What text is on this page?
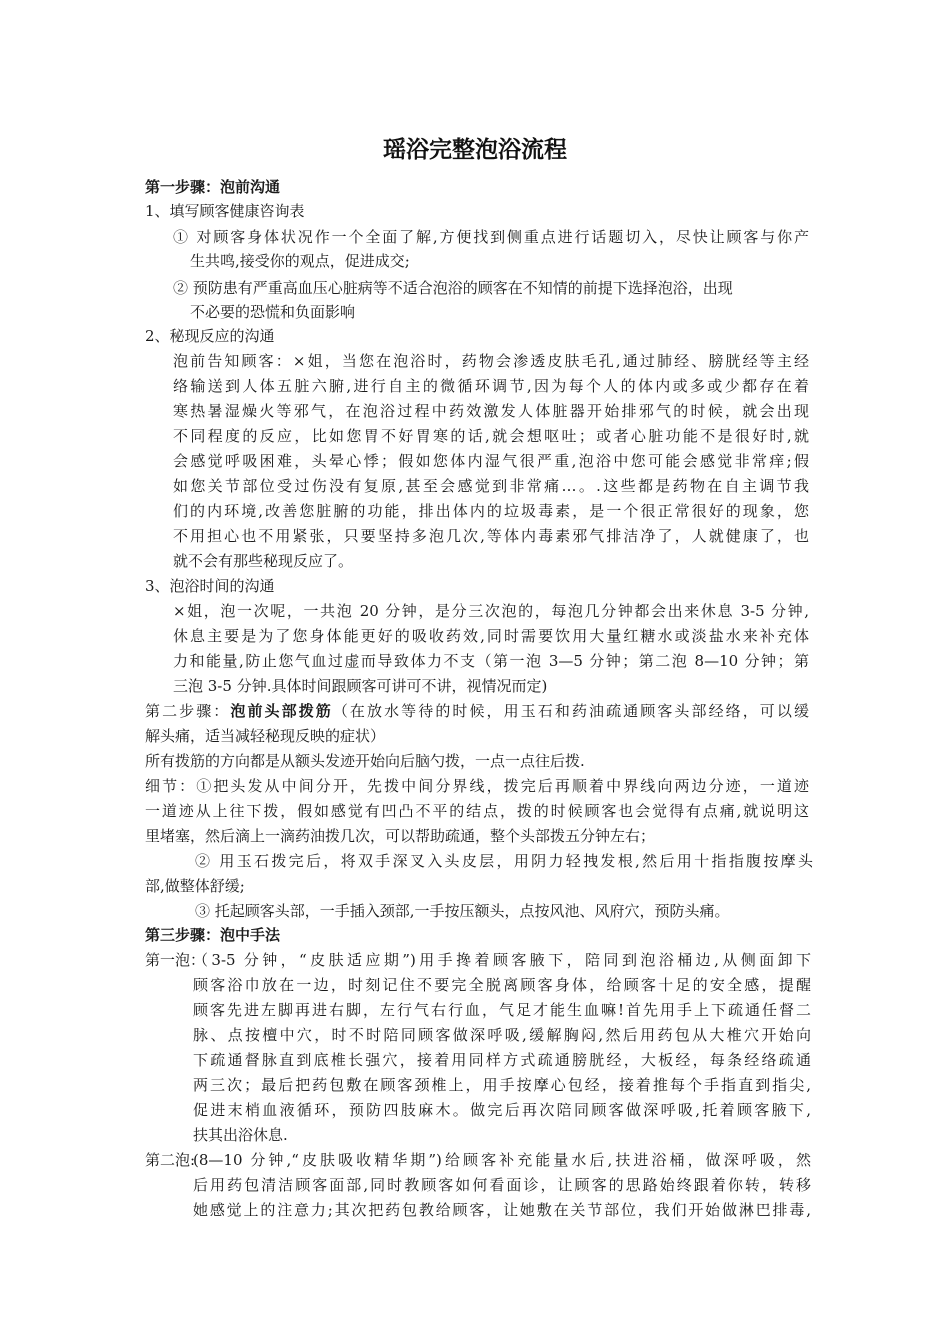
瑶浴完整泡浴流程
第一步骤：泡前沟通
1、填写顾客健康咨询表
① 对顾客身体状况作一个全面了解,方便找到侧重点进行话题切入，尽快让顾客与你产
生共鸣,接受你的观点，促进成交;
② 预防患有严重高血压心脏病等不适合泡浴的顾客在不知情的前提下选择泡浴，出现
不必要的恐慌和负面影响
2、秘现反应的沟通
泡前告知顾客：×姐，当您在泡浴时，药物会渗透皮肤毛孔,通过肺经、膀胱经等主经
络输送到人体五脏六腑,进行自主的微循环调节,因为每个人的体内或多或少都存在着
寒热暑湿燥火等邪气，在泡浴过程中药效激发人体脏器开始排邪气的时候，就会出现
不同程度的反应，比如您胃不好胃寒的话,就会想呕吐；或者心脏功能不是很好时,就
会感觉呼吸困难，头晕心悸；假如您体内湿气很严重,泡浴中您可能会感觉非常痒;假
如您关节部位受过伤没有复原,甚至会感觉到非常痛…。.这些都是药物在自主调节我
们的内环境,改善您脏腑的功能，排出体内的垃圾毒素，是一个很正常很好的现象，您
不用担心也不用紧张，只要坚持多泡几次,等体内毒素邪气排洁净了，人就健康了，也
就不会有那些秘现反应了。
3、泡浴时间的沟通
×姐，泡一次呢，一共泡 20 分钟，是分三次泡的，每泡几分钟都会出来休息 3-5 分钟,
休息主要是为了您身体能更好的吸收药效,同时需要饮用大量红糖水或淡盐水来补充体
力和能量,防止您气血过虚而导致体力不支（第一泡 3—5 分钟；第二泡 8—10 分钟；第
三泡 3-5 分钟.具体时间跟顾客可讲可不讲，视情况而定)
第二步骤：泡前头部拨筋（在放水等待的时候，用玉石和药油疏通顾客头部经络，可以缓
解头痛，适当减轻秘现反映的症状）
所有拨筋的方向都是从额头发迹开始向后脑勺拨，一点一点往后拨.
细节：①把头发从中间分开，先拨中间分界线，拨完后再顺着中界线向两边分迹，一道迹
一道迹从上往下拨，假如感觉有凹凸不平的结点，拨的时候顾客也会觉得有点痛,就说明这
里堵塞，然后滴上一滴药油拨几次，可以帮助疏通，整个头部拨五分钟左右；
② 用玉石拨完后，将双手深叉入头皮层，用阴力轻拽发根,然后用十指指腹按摩头
部,做整体舒缓;
③ 托起顾客头部，一手插入颈部,一手按压额头，点按风池、风府穴，预防头痛。
第三步骤：泡中手法
第一泡：
（3-5 分钟，“皮肤适应期”)用手搀着顾客腋下，陪同到泡浴桶边,从侧面卸下
顾客浴巾放在一边，时刻记住不要完全脱离顾客身体，给顾客十足的安全感，提醒
顾客先进左脚再进右脚，左行气右行血，气足才能生血嘛!首先用手上下疏通任督二
脉、点按檀中穴，时不时陪同顾客做深呼吸,缓解胸闷,然后用药包从大椎穴开始向
下疏通督脉直到底椎长强穴，接着用同样方式疏通膀胱经，大板经，每条经络疏通
两三次；最后把药包敷在顾客颈椎上，用手按摩心包经，接着推每个手指直到指尖,
促进末梢血液循环，预防四肢麻木。做完后再次陪同顾客做深呼吸,托着顾客腋下,
扶其出浴休息.
第二泡:
(8—10 分钟,“皮肤吸收精华期”)给顾客补充能量水后,扶进浴桶，做深呼吸，然
后用药包清洁顾客面部,同时教顾客如何看面诊，让顾客的思路始终跟着你转，转移
她感觉上的注意力;其次把药包教给顾客，让她敷在关节部位，我们开始做淋巴排毒,
